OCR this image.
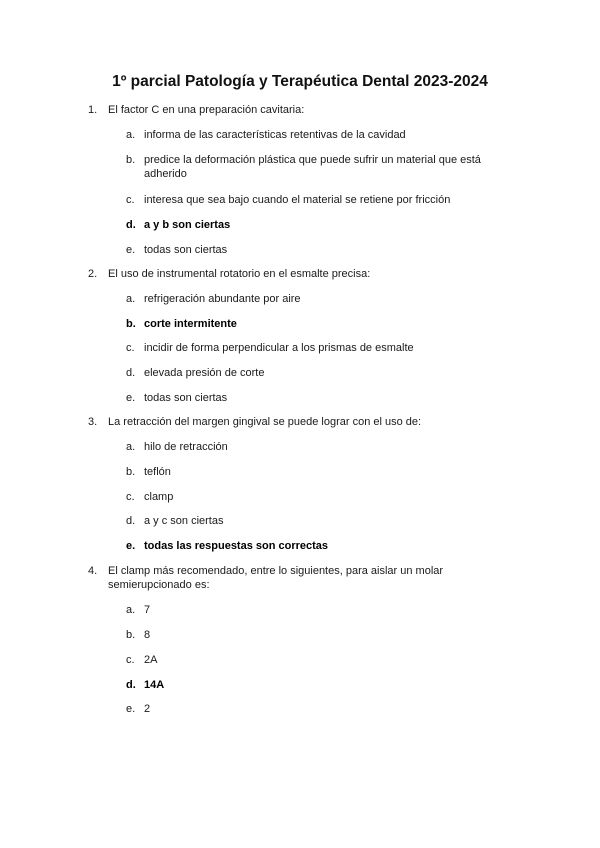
1º parcial Patología y Terapéutica Dental 2023-2024
1. El factor C en una preparación cavitaria:
a. informa de las características retentivas de la cavidad
b. predice la deformación plástica que puede sufrir un material que está adherido
c. interesa que sea bajo cuando el material se retiene por fricción
d. a y b son ciertas
e. todas son ciertas
2. El uso de instrumental rotatorio en el esmalte precisa:
a. refrigeración abundante por aire
b. corte intermitente
c. incidir de forma perpendicular a los prismas de esmalte
d. elevada presión de corte
e. todas son ciertas
3. La retracción del margen gingival se puede lograr con el uso de:
a. hilo de retracción
b. teflón
c. clamp
d. a y c son ciertas
e. todas las respuestas son correctas
4. El clamp más recomendado, entre lo siguientes, para aislar un molar semierupcionado es:
a. 7
b. 8
c. 2A
d. 14A
e. 2
